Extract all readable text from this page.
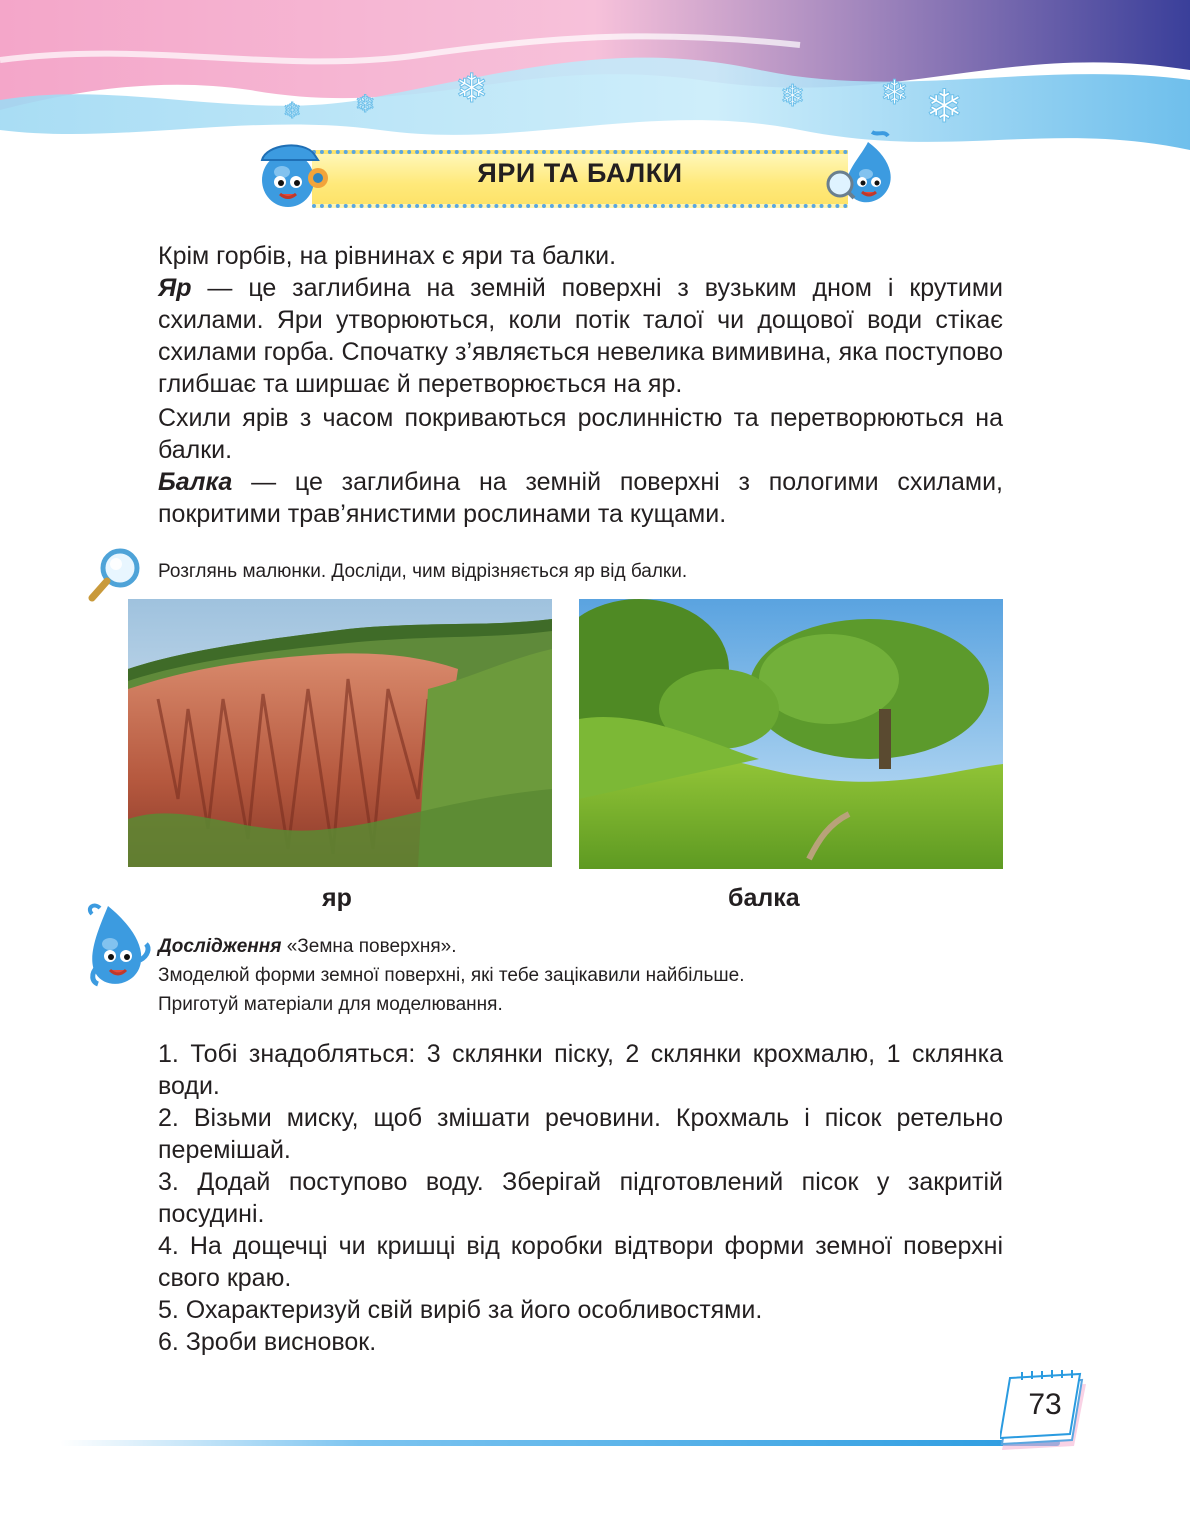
❄	❄ ❄ ❄
❄
❄
ЯРИ ТА БАЛКИ
Крім горбів, на рівнинах є яри та балки.
Яр — це заглибина на земній поверхні з вузьким дном і крутими схилами. Яри утворюються, коли потік талої чи дощової води стікає схилами горба. Спочатку з’являється невелика вимивина, яка поступово глибшає та ширшає й перетворюється на яр.
Схили ярів з часом покриваються рослинністю та перетворюються на балки.
Балка — це заглибина на земній поверхні з пологими схилами, покритими трав’янистими рослинами та кущами.
Розглянь малюнки. Досліди, чим відрізняється яр від балки.
яр	балка
Дослідження «Земна поверхня».
Змоделюй форми земної поверхні, які тебе зацікавили найбільше.
Приготуй матеріали для моделювання.

1. Тобі знадобляться: 3 склянки піску, 2 склянки крохмалю, 1 склянка води.

2. Візьми миску, щоб змішати речовини. Крохмаль і пісок ретельно перемішай.

3. Додай поступово воду. Зберігай підготовлений пісок у закритій посудині.

4. На дощечці чи кришці від коробки відтвори форми земної поверхні свого краю.

5. Охарактеризуй свій виріб за його особливостями.

6. Зроби висновок.

73
